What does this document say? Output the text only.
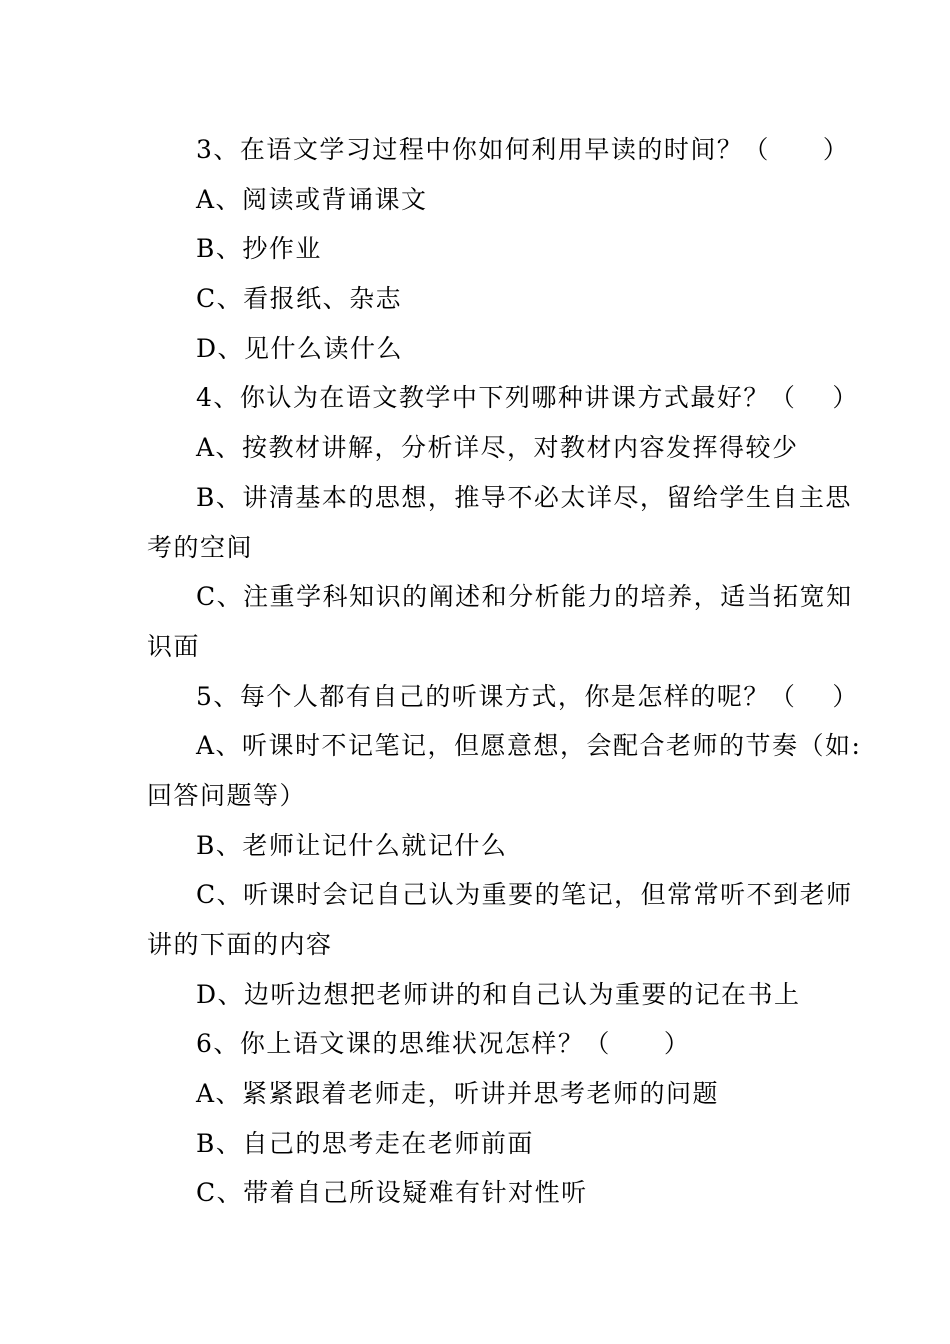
3、在语文学习过程中你如何利用早读的时间？（　　）
A、阅读或背诵课文
B、抄作业
C、看报纸、杂志
D、见什么读什么
4、你认为在语文教学中下列哪种讲课方式最好？（　 ）
A、按教材讲解，分析详尽，对教材内容发挥得较少
B、讲清基本的思想，推导不必太详尽，留给学生自主思
考的空间
C、注重学科知识的阐述和分析能力的培养，适当拓宽知
识面
5、每个人都有自己的听课方式，你是怎样的呢？（　 ）
A、听课时不记笔记，但愿意想，会配合老师的节奏（如:
回答问题等）
B、老师让记什么就记什么
C、听课时会记自己认为重要的笔记，但常常听不到老师
讲的下面的内容
D、边听边想把老师讲的和自己认为重要的记在书上
6、你上语文课的思维状况怎样？（　　）
A、紧紧跟着老师走，听讲并思考老师的问题
B、自己的思考走在老师前面
C、带着自己所设疑难有针对性听
